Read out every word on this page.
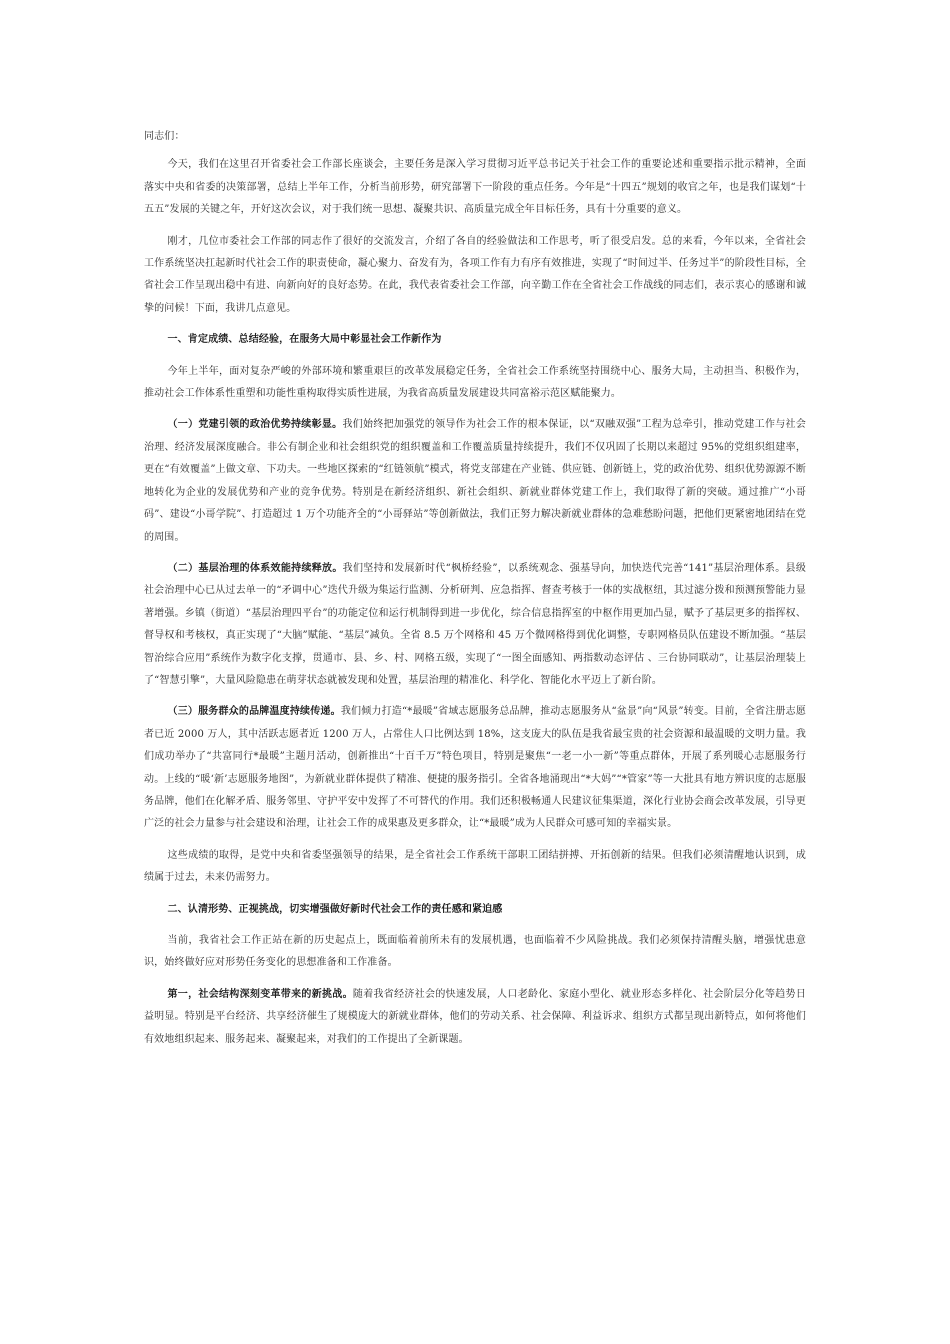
同志们：

今天，我们在这里召开省委社会工作部长座谈会，主要任务是深入学习贯彻习近平总书记关于社会工作的重要论述和重要指示批示精神，全面落实中央和省委的决策部署，总结上半年工作，分析当前形势，研究部署下一阶段的重点任务。今年是“十四五”规划的收官之年，也是我们谋划“十五五”发展的关键之年，开好这次会议，对于我们统一思想、凝聚共识、高质量完成全年目标任务，具有十分重要的意义。

刚才，几位市委社会工作部的同志作了很好的交流发言，介绍了各自的经验做法和工作思考，听了很受启发。总的来看，今年以来，全省社会工作系统坚决扛起新时代社会工作的职责使命，凝心聚力、奋发有为，各项工作有力有序有效推进，实现了“时间过半、任务过半”的阶段性目标，全省社会工作呈现出稳中有进、向新向好的良好态势。在此，我代表省委社会工作部，向辛勤工作在全省社会工作战线的同志们，表示衷心的感谢和诚挚的问候！下面，我讲几点意见。

一、肯定成绩、总结经验，在服务大局中彰显社会工作新作为

今年上半年，面对复杂严峻的外部环境和繁重艰巨的改革发展稳定任务，全省社会工作系统坚持围绕中心、服务大局，主动担当、积极作为，推动社会工作体系性重塑和功能性重构取得实质性进展，为我省高质量发展建设共同富裕示范区赋能聚力。

（一）党建引领的政治优势持续彰显。我们始终把加强党的领导作为社会工作的根本保证，以“双融双强”工程为总牵引，推动党建工作与社会治理、经济发展深度融合。非公有制企业和社会组织党的组织覆盖和工作覆盖质量持续提升，我们不仅巩固了长期以来超过 95%的党组织组建率，更在“有效覆盖”上做文章、下功夫。一些地区探索的“红链领航”模式，将党支部建在产业链、供应链、创新链上，党的政治优势、组织优势源源不断地转化为企业的发展优势和产业的竞争优势。特别是在新经济组织、新社会组织、新就业群体党建工作上，我们取得了新的突破。通过推广“小哥码”、建设“小哥学院”、打造超过 1 万个功能齐全的“小哥驿站”等创新做法，我们正努力解决新就业群体的急难愁盼问题，把他们更紧密地团结在党的周围。

（二）基层治理的体系效能持续释放。我们坚持和发展新时代“枫桥经验”，以系统观念、强基导向，加快迭代完善“141”基层治理体系。县级社会治理中心已从过去单一的“矛调中心”迭代升级为集运行监测、分析研判、应急指挥、督查考核于一体的实战枢纽，其过滤分拨和预测预警能力显著增强。乡镇（街道）“基层治理四平台”的功能定位和运行机制得到进一步优化，综合信息指挥室的中枢作用更加凸显，赋予了基层更多的指挥权、督导权和考核权，真正实现了“大脑”赋能、“基层”减负。全省 8.5 万个网格和 45 万个微网格得到优化调整，专职网格员队伍建设不断加强。“基层智治综合应用”系统作为数字化支撑，贯通市、县、乡、村、网格五级，实现了“一图全面感知、两指数动态评估 、三台协同联动”，让基层治理装上了“智慧引擎”，大量风险隐患在萌芽状态就被发现和处置，基层治理的精准化、科学化、智能化水平迈上了新台阶。

（三）服务群众的品牌温度持续传递。我们倾力打造“*最暖”省域志愿服务总品牌，推动志愿服务从“盆景”向“风景”转变。目前，全省注册志愿者已近 2000 万人，其中活跃志愿者近 1200 万人，占常住人口比例达到 18%，这支庞大的队伍是我省最宝贵的社会资源和最温暖的文明力量。我们成功举办了“共富同行*最暖”主题月活动，创新推出“十百千万”特色项目，特别是聚焦“一老一小一新”等重点群体，开展了系列暖心志愿服务行动。上线的“暖‘新’志愿服务地图”，为新就业群体提供了精准、便捷的服务指引。全省各地涌现出“*大妈”“*管家”等一大批具有地方辨识度的志愿服务品牌，他们在化解矛盾、服务邻里、守护平安中发挥了不可替代的作用。我们还积极畅通人民建议征集渠道，深化行业协会商会改革发展，引导更广泛的社会力量参与社会建设和治理，让社会工作的成果惠及更多群众，让“*最暖”成为人民群众可感可知的幸福实景。

这些成绩的取得，是党中央和省委坚强领导的结果，是全省社会工作系统干部职工团结拼搏、开拓创新的结果。但我们必须清醒地认识到，成绩属于过去，未来仍需努力。

二、认清形势、正视挑战，切实增强做好新时代社会工作的责任感和紧迫感

当前，我省社会工作正站在新的历史起点上，既面临着前所未有的发展机遇，也面临着不少风险挑战。我们必须保持清醒头脑，增强忧患意识，始终做好应对形势任务变化的思想准备和工作准备。

第一，社会结构深刻变革带来的新挑战。随着我省经济社会的快速发展，人口老龄化、家庭小型化、就业形态多样化、社会阶层分化等趋势日益明显。特别是平台经济、共享经济催生了规模庞大的新就业群体，他们的劳动关系、社会保障、利益诉求、组织方式都呈现出新特点，如何将他们有效地组织起来、服务起来、凝聚起来，对我们的工作提出了全新课题。
